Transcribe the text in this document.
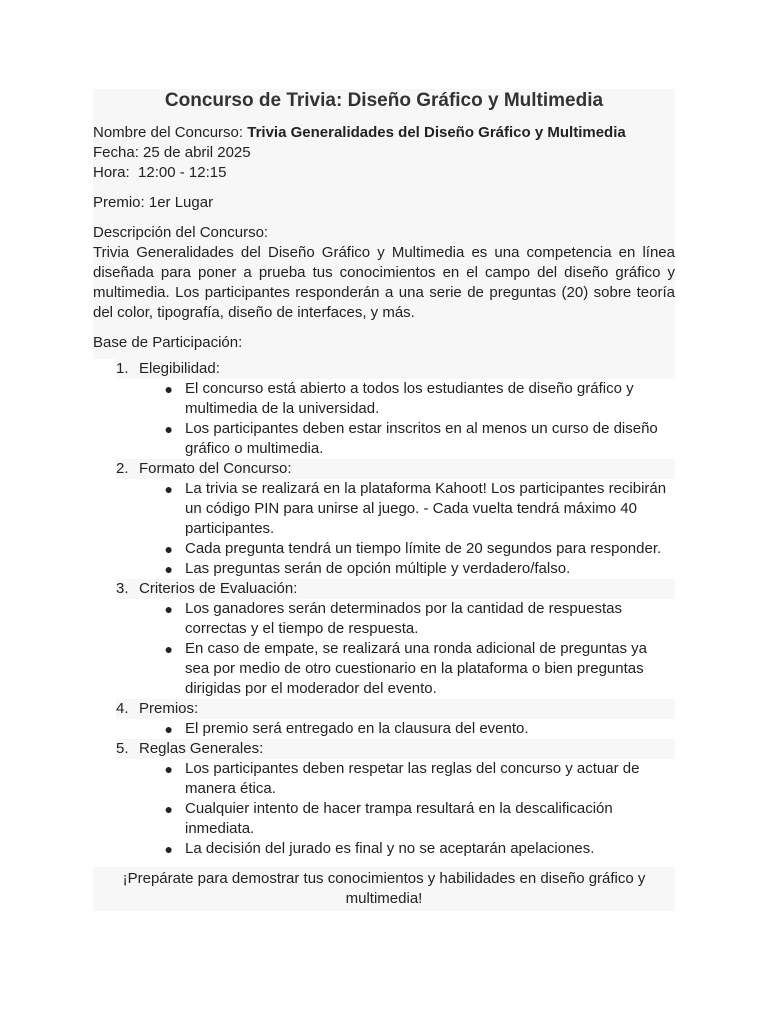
Concurso de Trivia: Diseño Gráfico y Multimedia
Nombre del Concurso: Trivia Generalidades del Diseño Gráfico y Multimedia
Fecha: 25 de abril 2025
Hora: 12:00 - 12:15
Premio: 1er Lugar
Descripción del Concurso:
Trivia Generalidades del Diseño Gráfico y Multimedia es una competencia en línea diseñada para poner a prueba tus conocimientos en el campo del diseño gráfico y multimedia. Los participantes responderán a una serie de preguntas (20) sobre teoría del color, tipografía, diseño de interfaces, y más.
Base de Participación:
1. Elegibilidad:
● El concurso está abierto a todos los estudiantes de diseño gráfico y multimedia de la universidad.
● Los participantes deben estar inscritos en al menos un curso de diseño gráfico o multimedia.
2. Formato del Concurso:
● La trivia se realizará en la plataforma Kahoot! Los participantes recibirán un código PIN para unirse al juego. - Cada vuelta tendrá máximo 40 participantes.
● Cada pregunta tendrá un tiempo límite de 20 segundos para responder.
● Las preguntas serán de opción múltiple y verdadero/falso.
3. Criterios de Evaluación:
● Los ganadores serán determinados por la cantidad de respuestas correctas y el tiempo de respuesta.
● En caso de empate, se realizará una ronda adicional de preguntas ya sea por medio de otro cuestionario en la plataforma o bien preguntas dirigidas por el moderador del evento.
4. Premios:
● El premio será entregado en la clausura del evento.
5. Reglas Generales:
● Los participantes deben respetar las reglas del concurso y actuar de manera ética.
● Cualquier intento de hacer trampa resultará en la descalificación inmediata.
● La decisión del jurado es final y no se aceptarán apelaciones.
¡Prepárate para demostrar tus conocimientos y habilidades en diseño gráfico y multimedia!
